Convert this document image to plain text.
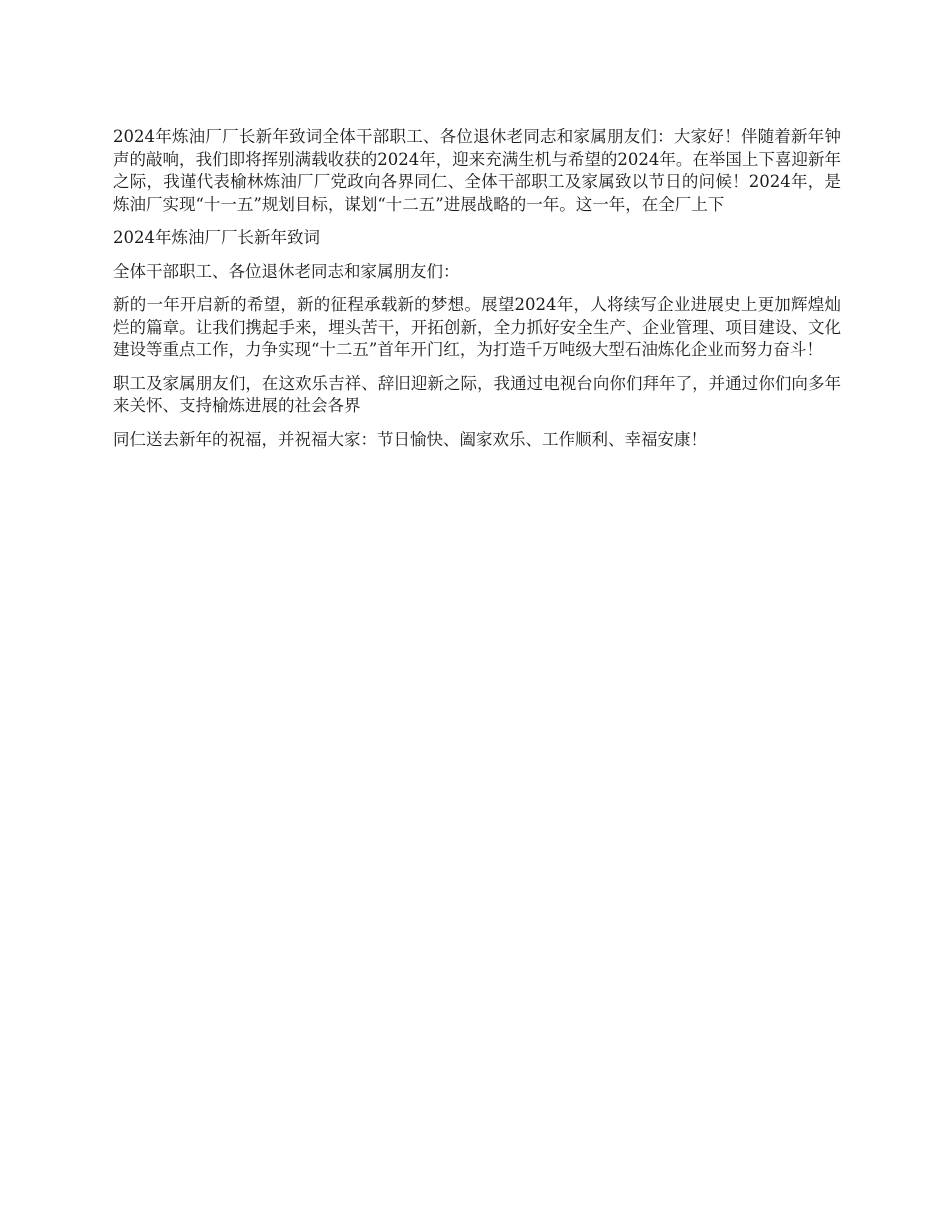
2024年炼油厂厂长新年致词全体干部职工、各位退休老同志和家属朋友们：大家好！伴随着新年钟声的敲响，我们即将挥别满载收获的2024年，迎来充满生机与希望的2024年。在举国上下喜迎新年之际，我谨代表榆林炼油厂厂党政向各界同仁、全体干部职工及家属致以节日的问候！2024年，是炼油厂实现“十一五”规划目标，谋划“十二五”进展战略的一年。这一年，在全厂上下

2024年炼油厂厂长新年致词

全体干部职工、各位退休老同志和家属朋友们：

新的一年开启新的希望，新的征程承载新的梦想。展望2024年，人将续写企业进展史上更加辉煌灿烂的篇章。让我们携起手来，埋头苦干，开拓创新，全力抓好安全生产、企业管理、项目建设、文化建设等重点工作，力争实现“十二五”首年开门红，为打造千万吨级大型石油炼化企业而努力奋斗！

职工及家属朋友们，在这欢乐吉祥、辞旧迎新之际，我通过电视台向你们拜年了，并通过你们向多年来关怀、支持榆炼进展的社会各界

同仁送去新年的祝福，并祝福大家：节日愉快、阖家欢乐、工作顺利、幸福安康！
